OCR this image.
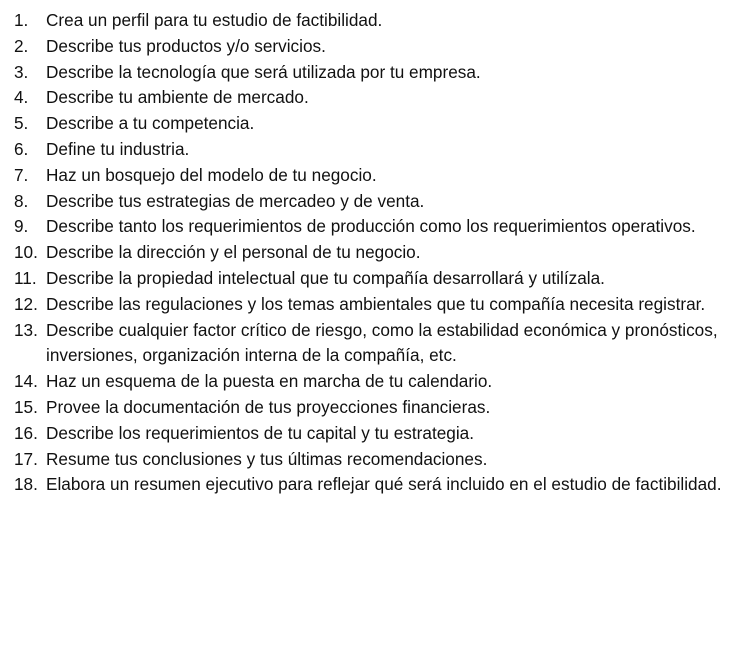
1.	Crea un perfil para tu estudio de factibilidad.
2.	Describe tus productos y/o servicios.
3.	Describe la tecnología que será utilizada por tu empresa.
4.	Describe tu ambiente de mercado.
5.	Describe a tu competencia.
6.	Define tu industria.
7.	Haz un bosquejo del modelo de tu negocio.
8.	Describe tus estrategias de mercadeo y de venta.
9.	Describe tanto los requerimientos de producción como los requerimientos operativos.
10. Describe la dirección y el personal de tu negocio.
11. Describe la propiedad intelectual que tu compañía desarrollará y utilízala.
12. Describe las regulaciones y los temas ambientales que tu compañía necesita registrar.
13. Describe cualquier factor crítico de riesgo, como la estabilidad económica y pronósticos, inversiones, organización interna de la compañía, etc.
14. Haz un esquema de la puesta en marcha de tu calendario.
15. Provee la documentación de tus proyecciones financieras.
16. Describe los requerimientos de tu capital y tu estrategia.
17. Resume tus conclusiones y tus últimas recomendaciones.
18. Elabora un resumen ejecutivo para reflejar qué será incluido en el estudio de factibilidad.
